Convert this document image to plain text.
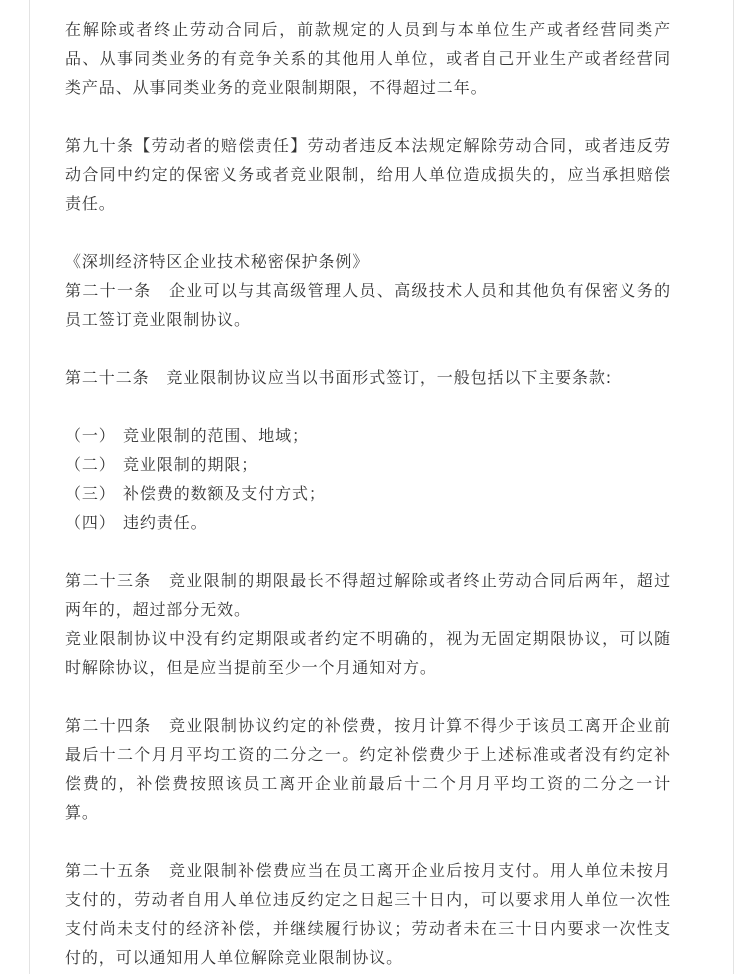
在解除或者终止劳动合同后，前款规定的人员到与本单位生产或者经营同类产品、从事同类业务的有竞争关系的其他用人单位，或者自己开业生产或者经营同类产品、从事同类业务的竞业限制期限，不得超过二年。

第九十条【劳动者的赔偿责任】劳动者违反本法规定解除劳动合同，或者违反劳动合同中约定的保密义务或者竞业限制，给用人单位造成损失的，应当承担赔偿责任。

《深圳经济特区企业技术秘密保护条例》

第二十一条　企业可以与其高级管理人员、高级技术人员和其他负有保密义务的员工签订竞业限制协议。

第二十二条　竞业限制协议应当以书面形式签订，一般包括以下主要条款:

（一） 竞业限制的范围、地域；
（二） 竞业限制的期限；
（三） 补偿费的数额及支付方式；
（四） 违约责任。

第二十三条　竞业限制的期限最长不得超过解除或者终止劳动合同后两年，超过两年的，超过部分无效。

竞业限制协议中没有约定期限或者约定不明确的，视为无固定期限协议，可以随时解除协议，但是应当提前至少一个月通知对方。

第二十四条　竞业限制协议约定的补偿费，按月计算不得少于该员工离开企业前最后十二个月月平均工资的二分之一。约定补偿费少于上述标准或者没有约定补偿费的，补偿费按照该员工离开企业前最后十二个月月平均工资的二分之一计算。

第二十五条　竞业限制补偿费应当在员工离开企业后按月支付。用人单位未按月支付的，劳动者自用人单位违反约定之日起三十日内，可以要求用人单位一次性支付尚未支付的经济补偿，并继续履行协议；劳动者未在三十日内要求一次性支付的，可以通知用人单位解除竞业限制协议。
